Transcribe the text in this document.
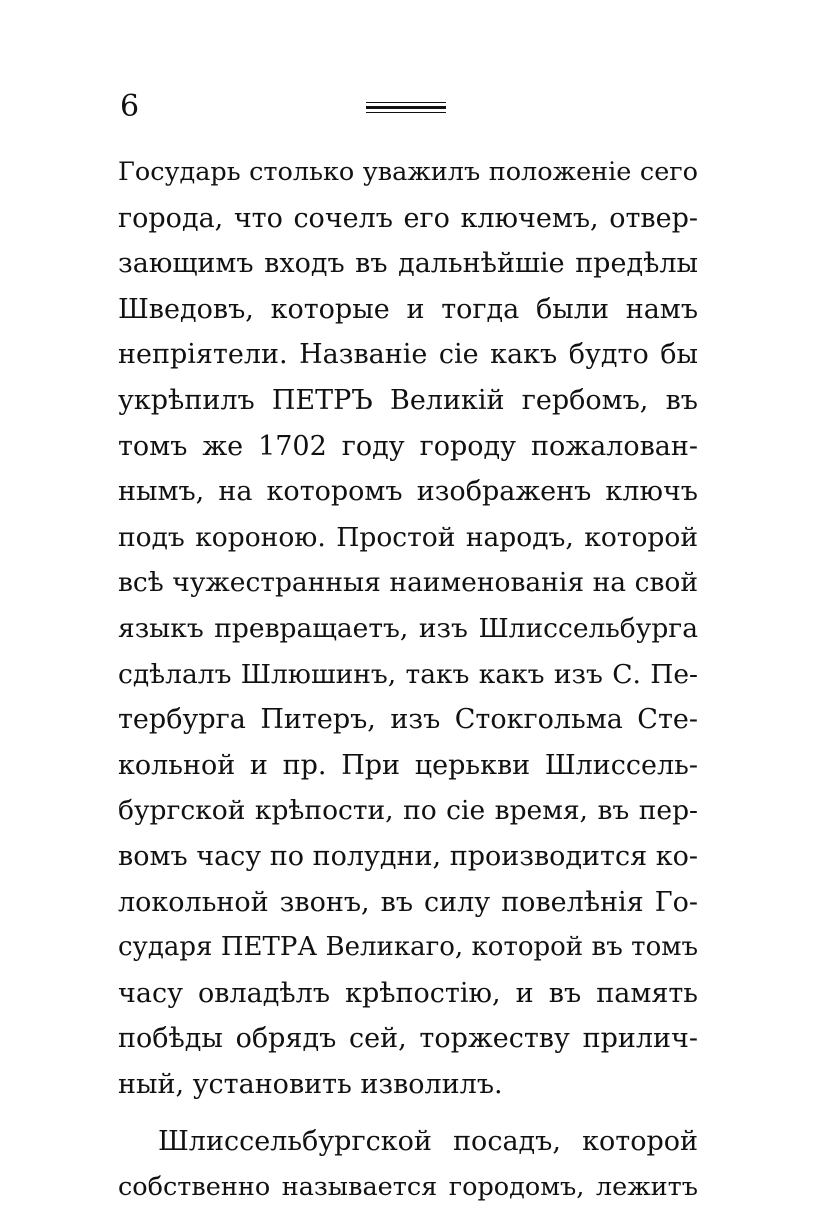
6
Государь столько уважилъ положеніе сего
города, что сочелъ его ключемъ, отвер-
зающимъ входъ въ дальнѣйшіе предѣлы
Шведовъ, которые и тогда были намъ
непріятели. Названіе сіе какъ будто бы
укрѣпилъ ПЕТРЪ Великій гербомъ, въ
томъ же 1702 году городу пожалован-
нымъ, на которомъ изображенъ ключъ
подъ короною. Простой народъ, которой
всѣ чужестранныя наименованія на свой
языкъ превращаетъ, изъ Шлиссельбурга
сдѣлалъ Шлюшинъ, такъ какъ изъ С. Пе-
тербурга Питеръ, изъ Стокгольма Сте-
кольной и пр. При церькви Шлиссель-
бургской крѣпости, по сіе время, въ пер-
вомъ часу по полудни, производится ко-
локольной звонъ, въ силу повелѣнія Го-
сударя ПЕТРА Великаго, которой въ томъ
часу овладѣлъ крѣпостію, и въ память
побѣды обрядъ сей, торжеству прилич-
ный, установить изволилъ.
Шлиссельбургской посадъ, которой
собственно называется городомъ, лежитъ
